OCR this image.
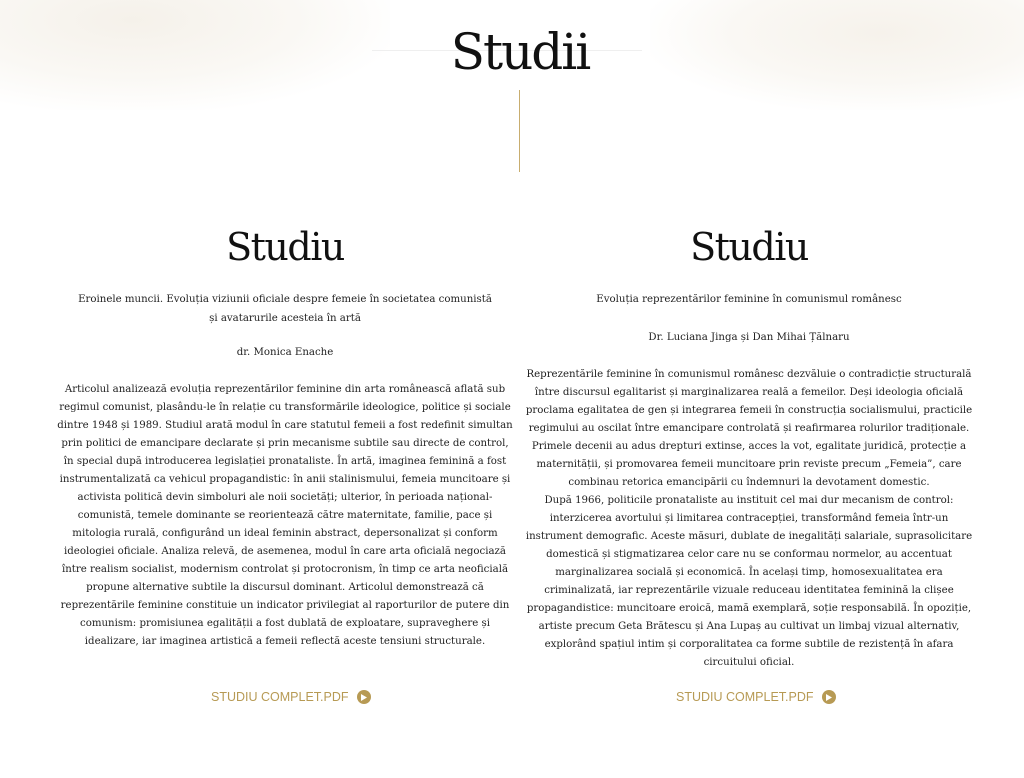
Studii
Studiu

Eroinele muncii. Evoluția viziunii oficiale despre femeie în societatea comunistă și avatarurile acesteia în artă

dr. Monica Enache

Articolul analizează evoluția reprezentărilor feminine din arta românească aflată sub regimul comunist, plasându-le în relație cu transformările ideologice, politice și sociale dintre 1948 și 1989. Studiul arată modul în care statutul femeii a fost redefinit simultan prin politici de emancipare declarate și prin mecanisme subtile sau directe de control, în special după introducerea legislației pronataliste. În artă, imaginea feminină a fost instrumentalizată ca vehicul propagandistic: în anii stalinismului, femeia muncitoare și activista politică devin simboluri ale noii societăți; ulterior, în perioada național-comunistă, temele dominante se reorientează către maternitate, familie, pace și mitologia rurală, configurând un ideal feminin abstract, depersonalizat și conform ideologiei oficiale. Analiza relevă, de asemenea, modul în care arta oficială negociază între realism socialist, modernism controlat și protocronism, în timp ce arta neoficială propune alternative subtile la discursul dominant. Articolul demonstrează că reprezentările feminine constituie un indicator privilegiat al raporturilor de putere din comunism: promisiunea egalității a fost dublată de exploatare, supraveghere și idealizare, iar imaginea artistică a femeii reflectă aceste tensiuni structurale.

STUDIU COMPLET.PDF
Studiu

Evoluția reprezentărilor feminine în comunismul românesc

Dr. Luciana Jinga și Dan Mihai Țălnaru

Reprezentările feminine în comunismul românesc dezvăluie o contradicție structurală între discursul egalitarist și marginalizarea reală a femeilor. Deși ideologia oficială proclama egalitatea de gen și integrarea femeii în construcția socialismului, practicile regimului au oscilat între emancipare controlată și reafirmarea rolurilor tradiționale. Primele decenii au adus drepturi extinse, acces la vot, egalitate juridică, protecție a maternității, și promovarea femeii muncitoare prin reviste precum „Femeia”, care combinau retorica emancipării cu îndemnuri la devotament domestic.

După 1966, politicile pronataliste au instituit cel mai dur mecanism de control: interzicerea avortului și limitarea contracepției, transformând femeia într-un instrument demografic. Aceste măsuri, dublate de inegalități salariale, suprasolicitare domestică și stigmatizarea celor care nu se conformau normelor, au accentuat marginalizarea socială și economică. În același timp, homosexualitatea era criminalizată, iar reprezentările vizuale reduceau identitatea feminină la clișee propagandistice: muncitoare eroică, mamă exemplară, soție responsabilă. În opoziție, artiste precum Geta Brătescu și Ana Lupaș au cultivat un limbaj vizual alternativ, explorând spațiul intim și corporalitatea ca forme subtile de rezistență în afara circuitului oficial.

STUDIU COMPLET.PDF
